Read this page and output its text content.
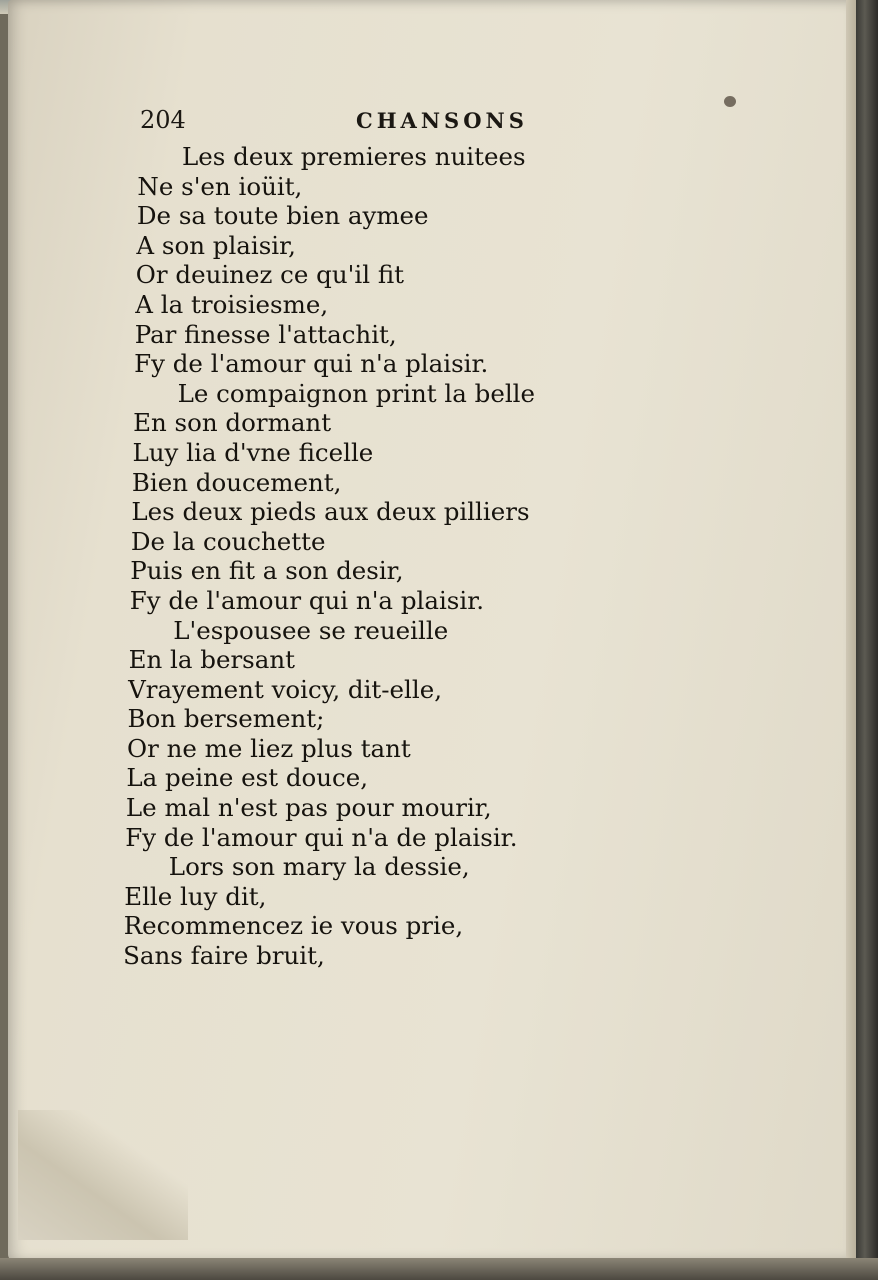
204	CHANSONS
Les deux premieres nuitees
Ne s'en ioüit,
De sa toute bien aymee
A son plaisir,
Or deuinez ce qu'il fit
A la troisiesme,
Par finesse l'attachit,
Fy de l'amour qui n'a plaisir.
Le compaignon print la belle
En son dormant
Luy lia d'vne ficelle
Bien doucement,
Les deux pieds aux deux pilliers
De la couchette
Puis en fit a son desir,
Fy de l'amour qui n'a plaisir.
L'espousee se reueille
En la bersant
Vrayement voicy, dit-elle,
Bon bersement;
Or ne me liez plus tant
La peine est douce,
Le mal n'est pas pour mourir,
Fy de l'amour qui n'a de plaisir.
Lors son mary la dessie,
Elle luy dit,
Recommencez ie vous prie,
Sans faire bruit,
